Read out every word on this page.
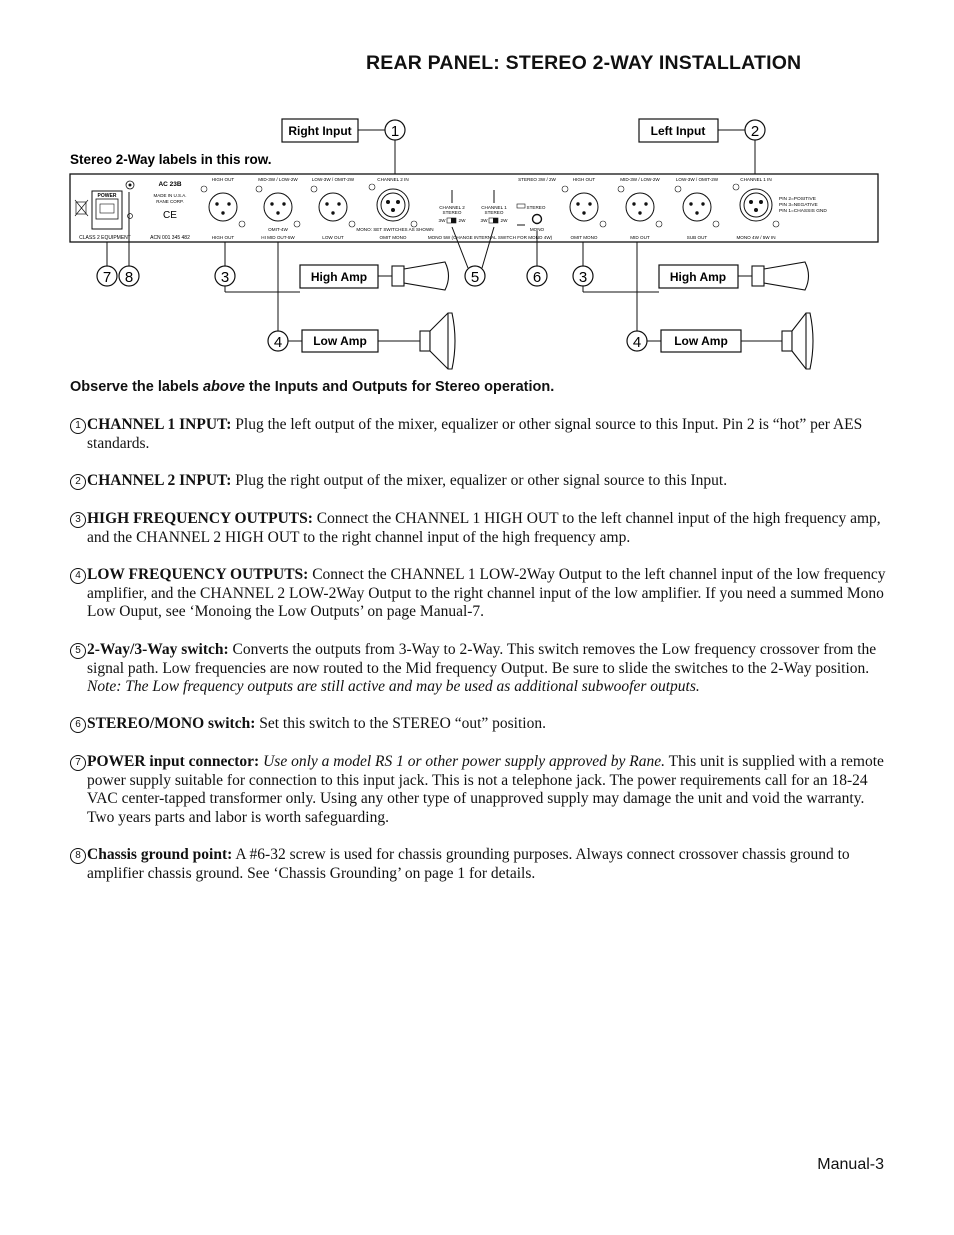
REAR PANEL: STEREO 2-WAY INSTALLATION
Right Input	1	Left Input	2
Stereo 2-Way labels in this row.
POWER
CLASS 2 EQUIPMENT
AC 23B
MADE IN U.S.A.
RANE CORP.
CE
ACN 001 345 482
HIGH OUT	MID-3W / LOW-2W	LOW-3W / OMIT-2W	CHANNEL 2 IN	STEREO 3W / 2W	HIGH OUT	MID-3W / LOW-2W	LOW-3W / OMIT-2W	CHANNEL 1 IN
CHANNEL 2
STEREO
3W	2W
CHANNEL 1
STEREO
3W	2W
STEREO
MONO
MONO: SET SWITCHES AS SHOWN
OMIT-4W
PIN 2=POSITIVE
PIN 3=NEGATIVE
PIN 1=CHASSIS GND
HIGH OUT	HI MID OUT-5W	LOW OUT	OMIT MONO	MONO 5W (CHANGE INTERNAL SWITCH FOR MONO 4W)	OMIT MONO	MID OUT	SUB OUT	MONO 4W / 5W IN
7 8	3	5	6	3
4	4
High Amp
Low Amp
High Amp
Low Amp
Observe the labels above the Inputs and Outputs for Stereo operation.
1 CHANNEL 1 INPUT: Plug the left output of the mixer, equalizer or other signal source to this Input. Pin 2 is “hot” per AES standards.
2 CHANNEL 2 INPUT: Plug the right output of the mixer, equalizer or other signal source to this Input.
3 HIGH FREQUENCY OUTPUTS: Connect the CHANNEL 1 HIGH OUT to the left channel input of the high frequency amp, and the CHANNEL 2 HIGH OUT to the right channel input of the high frequency amp.
4 LOW FREQUENCY OUTPUTS: Connect the CHANNEL 1 LOW-2Way Output to the left channel input of the low frequency amplifier, and the CHANNEL 2 LOW-2Way Output to the right channel input of the low amplifier. If you need a summed Mono Low Ouput, see ‘Monoing the Low Outputs’ on page Manual-7.
5 2-Way/3-Way switch: Converts the outputs from 3-Way to 2-Way. This switch removes the Low frequency crossover from the signal path. Low frequencies are now routed to the Mid frequency Output. Be sure to slide the switches to the 2-Way position. Note: The Low frequency outputs are still active and may be used as additional subwoofer outputs.
6 STEREO/MONO switch: Set this switch to the STEREO “out” position.
7 POWER input connector: Use only a model RS 1 or other power supply approved by Rane. This unit is supplied with a remote power supply suitable for connection to this input jack. This is not a telephone jack. The power requirements call for an 18-24 VAC center-tapped transformer only. Using any other type of unapproved supply may damage the unit and void the warranty. Two years parts and labor is worth safeguarding.
8 Chassis ground point: A #6-32 screw is used for chassis grounding purposes. Always connect crossover chassis ground to amplifier chassis ground. See ‘Chassis Grounding’ on page 1 for details.
Manual-3
